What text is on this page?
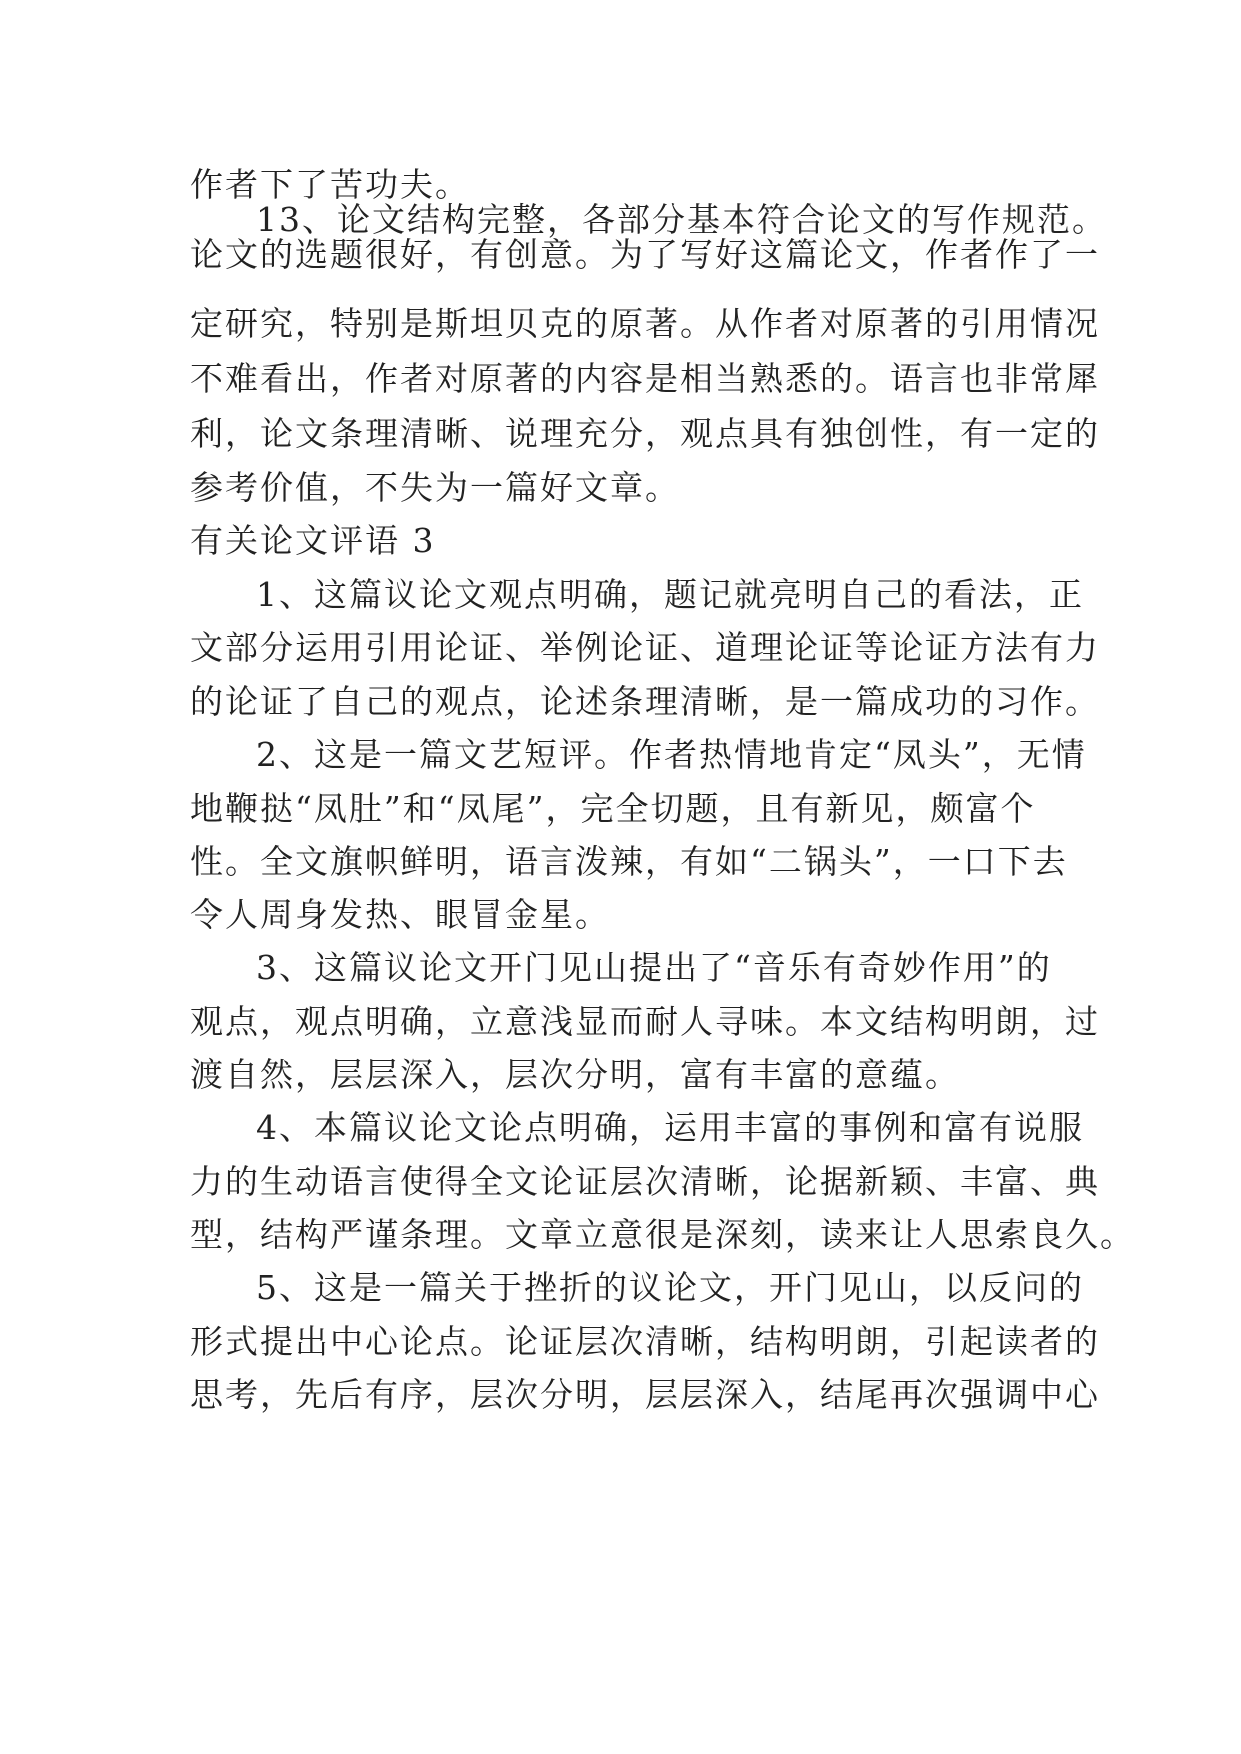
作者下了苦功夫。
13、论文结构完整，各部分基本符合论文的写作规范。
论文的选题很好，有创意。为了写好这篇论文，作者作了一
定研究，特别是斯坦贝克的原著。从作者对原著的引用情况
不难看出，作者对原著的内容是相当熟悉的。语言也非常犀
利，论文条理清晰、说理充分，观点具有独创性，有一定的
参考价值，不失为一篇好文章。
有关论文评语 3
1、这篇议论文观点明确，题记就亮明自己的看法，正
文部分运用引用论证、举例论证、道理论证等论证方法有力
的论证了自己的观点，论述条理清晰，是一篇成功的习作。
2、这是一篇文艺短评。作者热情地肯定“凤头”，无情
地鞭挞“凤肚”和“凤尾”，完全切题，且有新见，颇富个
性。全文旗帜鲜明，语言泼辣，有如“二锅头”，一口下去
令人周身发热、眼冒金星。
3、这篇议论文开门见山提出了“音乐有奇妙作用”的
观点，观点明确，立意浅显而耐人寻味。本文结构明朗，过
渡自然，层层深入，层次分明，富有丰富的意蕴。
4、本篇议论文论点明确，运用丰富的事例和富有说服
力的生动语言使得全文论证层次清晰，论据新颖、丰富、典
型，结构严谨条理。文章立意很是深刻，读来让人思索良久。
5、这是一篇关于挫折的议论文，开门见山，以反问的
形式提出中心论点。论证层次清晰，结构明朗，引起读者的
思考，先后有序，层次分明，层层深入，结尾再次强调中心
